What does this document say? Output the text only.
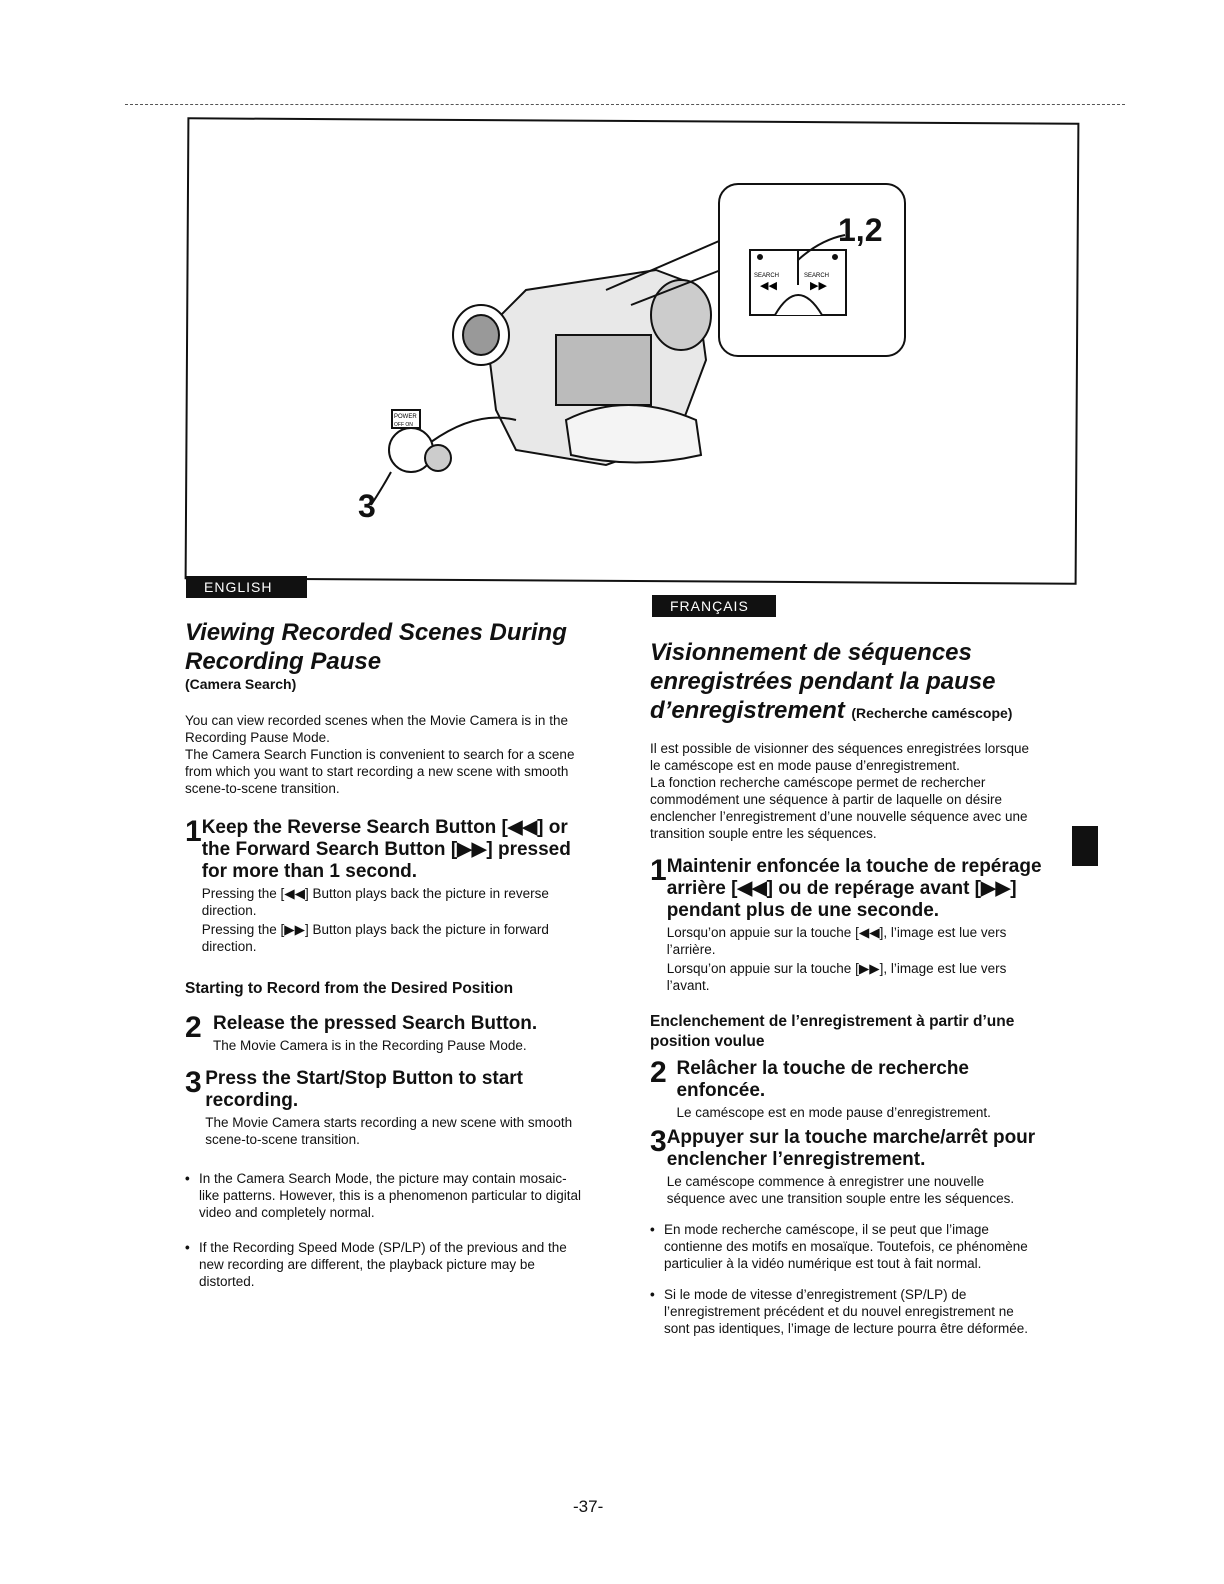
POWER
OFF ON
SEARCH	SEARCH
◀◀	▶▶
1,2
3
ENGLISH
Viewing Recorded Scenes During Recording Pause
(Camera Search)
You can view recorded scenes when the Movie Camera is in the Recording Pause Mode.
The Camera Search Function is convenient to search for a scene from which you want to start recording a new scene with smooth scene-to-scene transition.
1 Keep the Reverse Search Button [◀◀] or the Forward Search Button [▶▶] pressed for more than 1 second.
Pressing the [◀◀] Button plays back the picture in reverse direction.
Pressing the [▶▶] Button plays back the picture in forward direction.
Starting to Record from the Desired Position
2 Release the pressed Search Button.
The Movie Camera is in the Recording Pause Mode.
3 Press the Start/Stop Button to start recording.
The Movie Camera starts recording a new scene with smooth scene-to-scene transition.
• In the Camera Search Mode, the picture may contain mosaic-like patterns. However, this is a phenomenon particular to digital video and completely normal.
• If the Recording Speed Mode (SP/LP) of the previous and the new recording are different, the playback picture may be distorted.
FRANÇAIS
Visionnement de séquences enregistrées pendant la pause d’enregistrement (Recherche caméscope)
Il est possible de visionner des séquences enregistrées lorsque le caméscope est en mode pause d’enregistrement.
La fonction recherche caméscope permet de rechercher commodément une séquence à partir de laquelle on désire enclencher l’enregistrement d’une nouvelle séquence avec une transition souple entre les séquences.
1 Maintenir enfoncée la touche de repérage arrière [◀◀] ou de repérage avant [▶▶] pendant plus de une seconde.
Lorsqu’on appuie sur la touche [◀◀], l’image est lue vers l’arrière.
Lorsqu’on appuie sur la touche [▶▶], l’image est lue vers l’avant.
Enclenchement de l’enregistrement à partir d’une position voulue
2 Relâcher la touche de recherche enfoncée.
Le caméscope est en mode pause d’enregistrement.
3 Appuyer sur la touche marche/arrêt pour enclencher l’enregistrement.
Le caméscope commence à enregistrer une nouvelle séquence avec une transition souple entre les séquences.
• En mode recherche caméscope, il se peut que l’image contienne des motifs en mosaïque. Toutefois, ce phénomène particulier à la vidéo numérique est tout à fait normal.
• Si le mode de vitesse d’enregistrement (SP/LP) de l’enregistrement précédent et du nouvel enregistrement ne sont pas identiques, l’image de lecture pourra être déformée.
-37-
